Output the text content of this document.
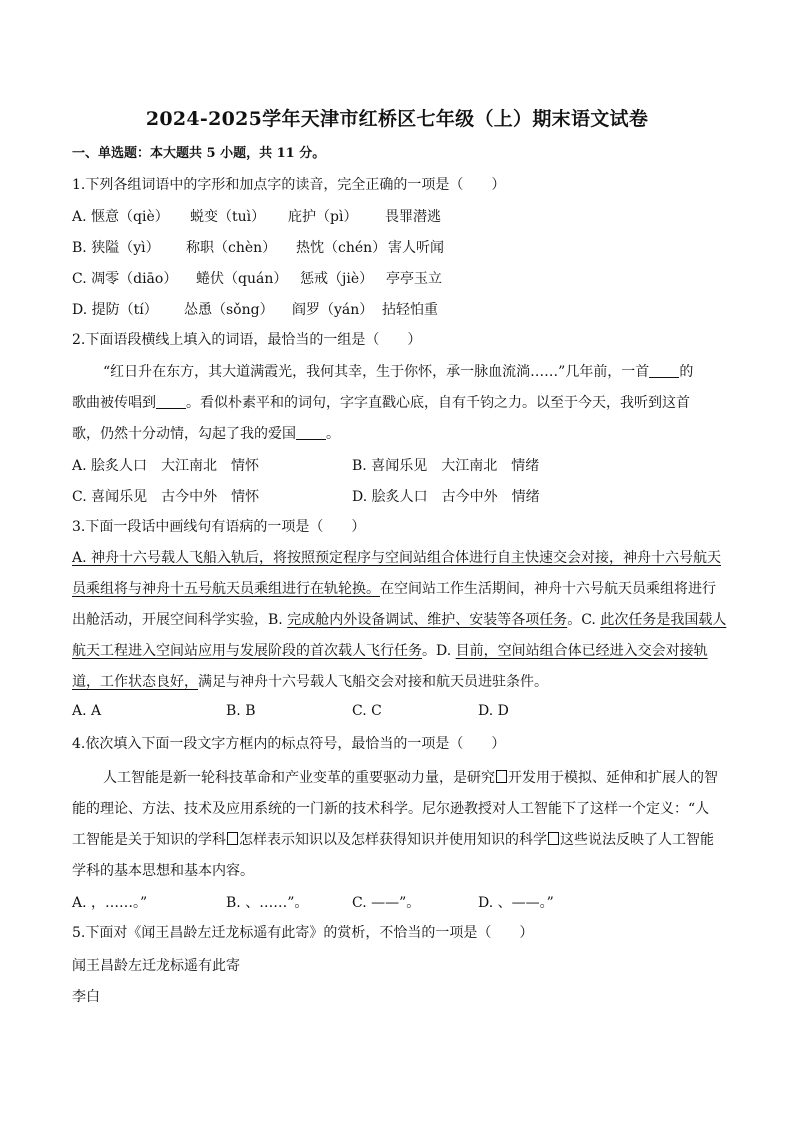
2024-2025学年天津市红桥区七年级（上）期末语文试卷
一、单选题：本大题共 5 小题，共 11 分。
1.下列各组词语中的字形和加点字的读音，完全正确的一项是（　　）
A. 惬意（qiè） 蜕变（tuì） 庇护（pì） 畏罪潜逃
B. 狭隘（yì） 称职（chèn） 热忱（chén） 害人听闻
C. 凋零（diāo） 蜷伏（quán） 惩戒（jiè） 亭亭玉立
D. 提防（tí） 怂恿（sǒng） 阎罗（yán） 拈轻怕重
2.下面语段横线上填入的词语，最恰当的一组是（　　）
“红日升在东方，其大道满霞光，我何其幸，生于你怀，承一脉血流淌……”几年前，一首 的
歌曲被传唱到 。看似朴素平和的词句，字字直戳心底，自有千钧之力。以至于今天，我听到这首
歌，仍然十分动情，勾起了我的爱国 。
A. 脍炙人口　大江南北　情怀	B. 喜闻乐见　大江南北　情绪
C. 喜闻乐见　古今中外　情怀	D. 脍炙人口　古今中外　情绪
3.下面一段话中画线句有语病的一项是（　　）
A. 神舟十六号载人飞船入轨后，将按照预定程序与空间站组合体进行自主快速交会对接，神舟十六号航天
员乘组将与神舟十五号航天员乘组进行在轨轮换。在空间站工作生活期间，神舟十六号航天员乘组将进行
出舱活动，开展空间科学实验，B. 完成舱内外设备调试、维护、安装等各项任务。C. 此次任务是我国载人
航天工程进入空间站应用与发展阶段的首次载人飞行任务。D. 目前，空间站组合体已经进入交会对接轨
道，工作状态良好，满足与神舟十六号载人飞船交会对接和航天员进驻条件。
A. A	B. B	C. C	D. D
4.依次填入下面一段文字方框内的标点符号，最恰当的一项是（　　）
人工智能是新一轮科技革命和产业变革的重要驱动力量，是研究 开发用于模拟、延伸和扩展人的智
能的理论、方法、技术及应用系统的一门新的技术科学。尼尔逊教授对人工智能下了这样一个定义：“人
工智能是关于知识的学科 怎样表示知识以及怎样获得知识并使用知识的科学 这些说法反映了人工智能
学科的基本思想和基本内容。
A. ，……。”	B. 、……”。	C. ——”。	D. 、——。”
5.下面对《闻王昌龄左迁龙标遥有此寄》的赏析，不恰当的一项是（　　）
闻王昌龄左迁龙标遥有此寄
李白
